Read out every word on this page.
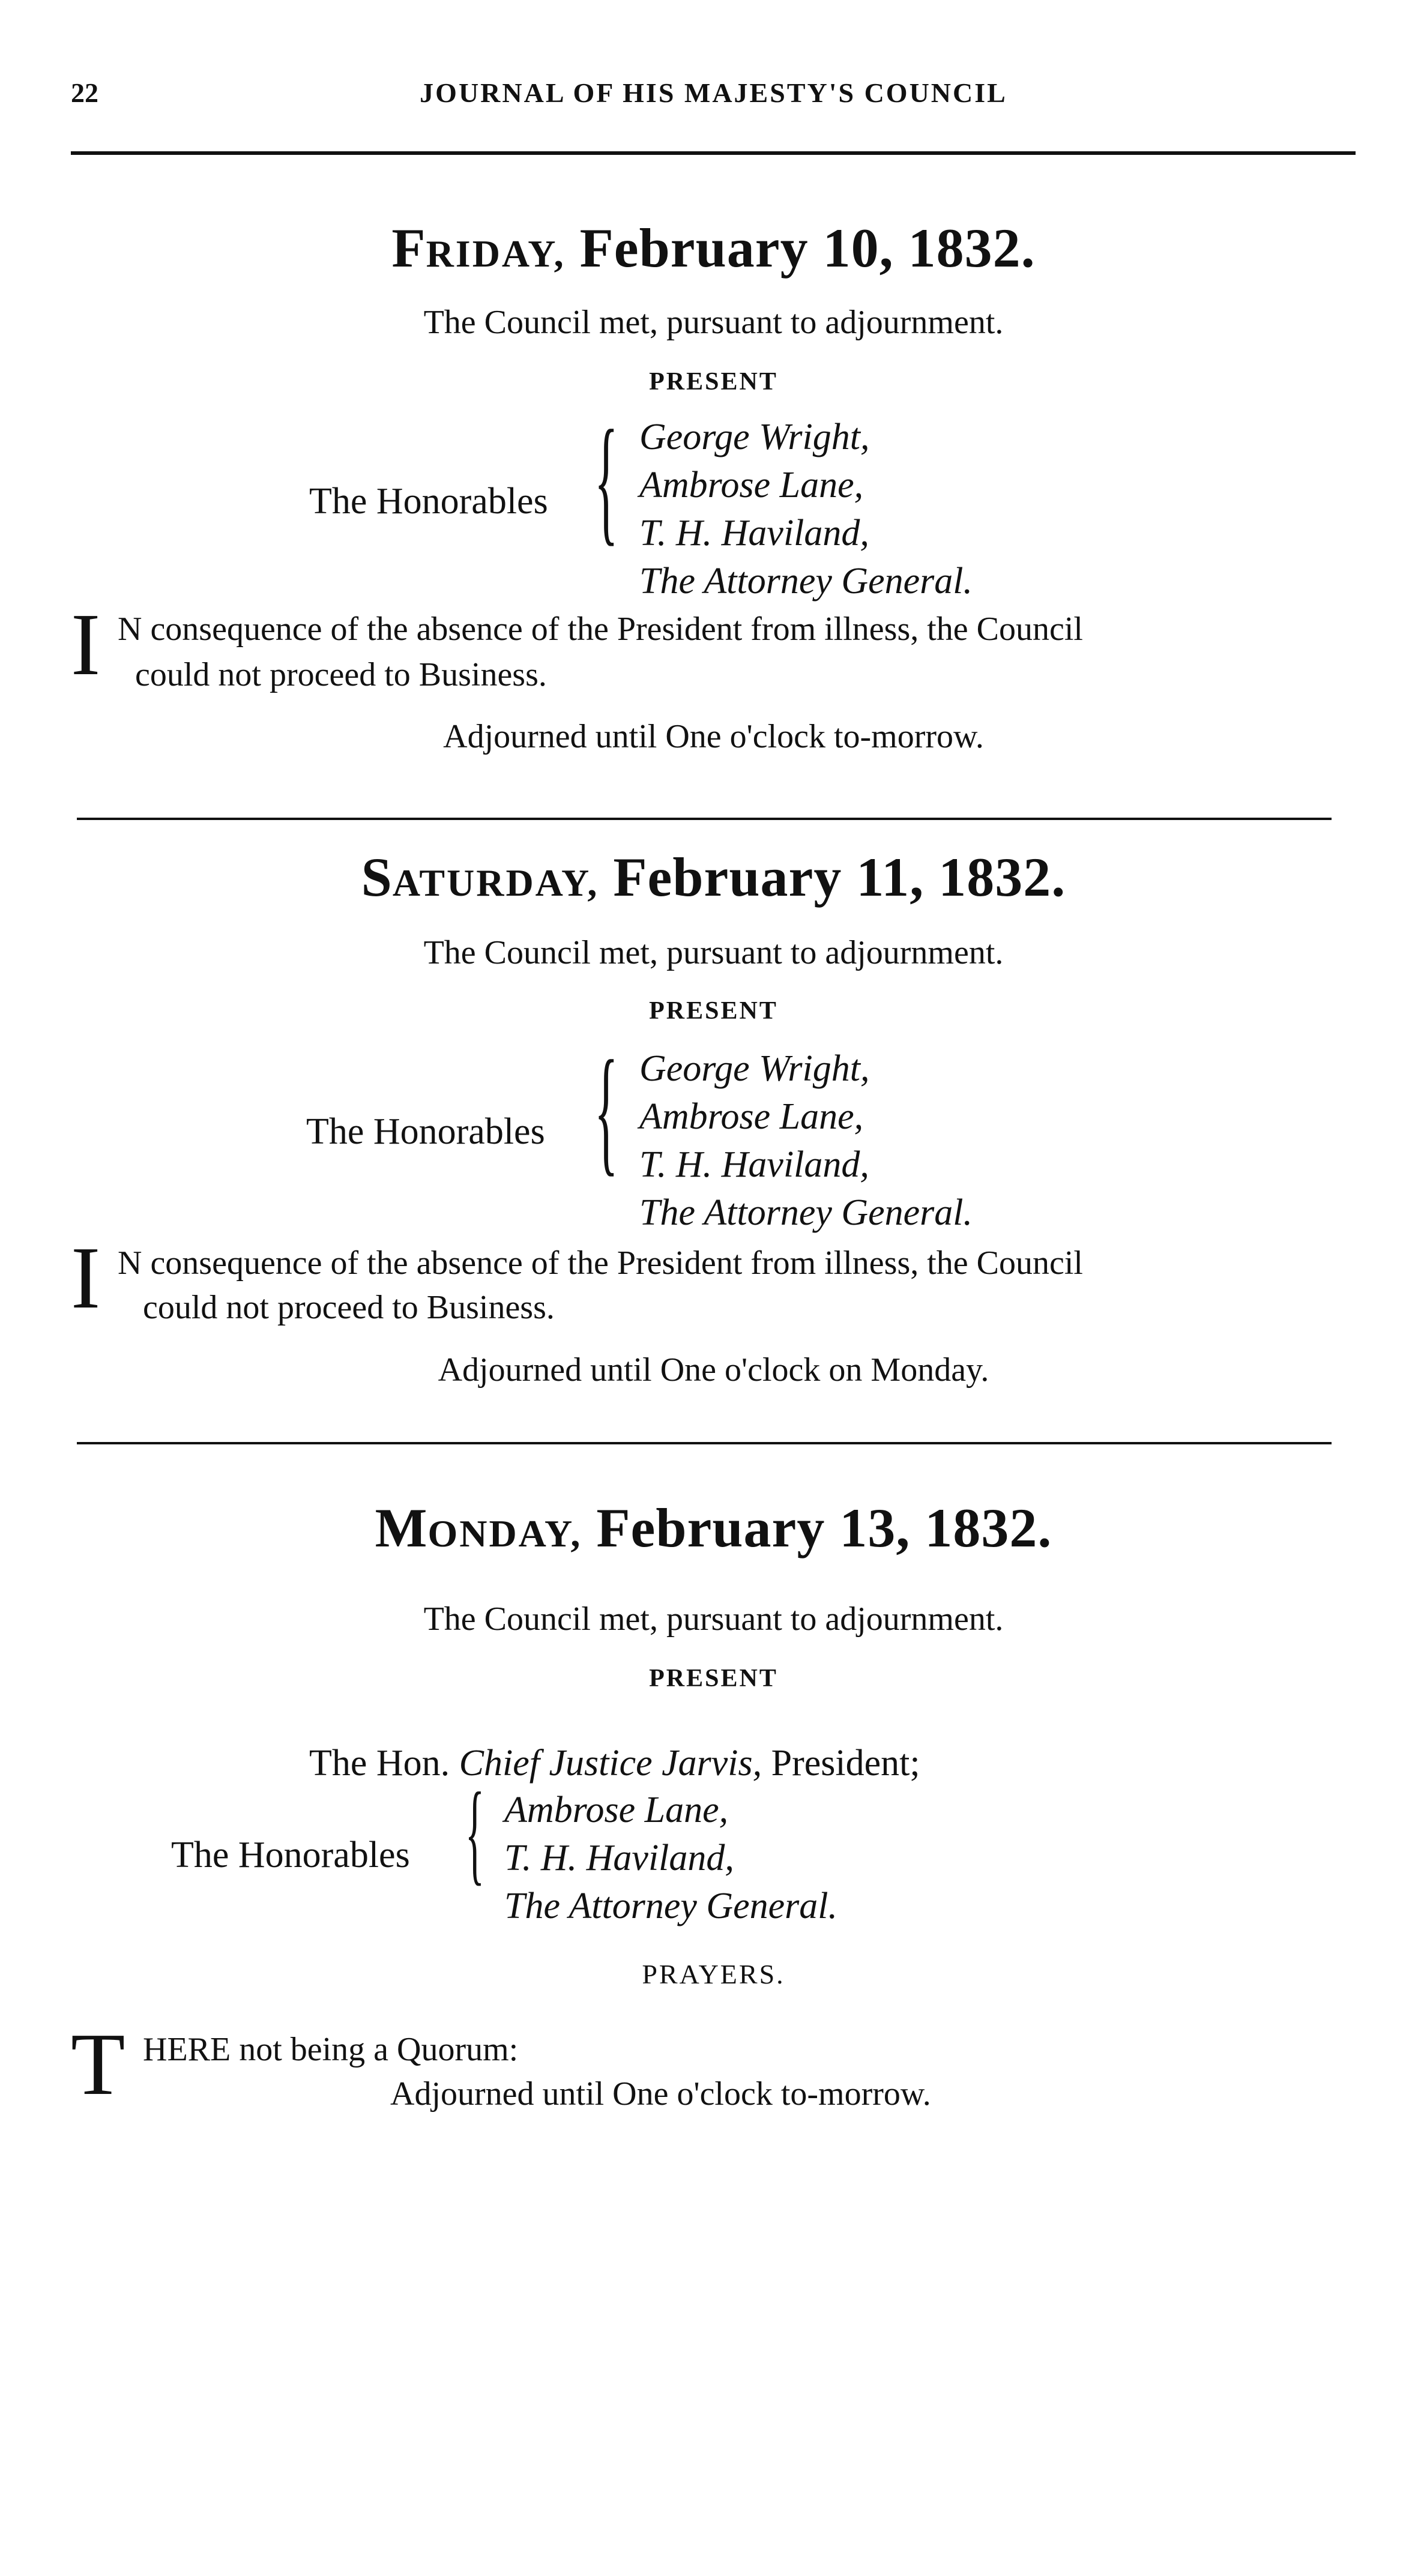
22	JOURNAL OF HIS MAJESTY'S COUNCIL
FRIDAY, February 10, 1832.
The Council met, pursuant to adjournment.
PRESENT
The Honorables { George Wright,
Ambrose Lane,
T. H. Haviland,
The Attorney General.
I N consequence of the absence of the President from illness, the Council
could not proceed to Business.
Adjourned until One o'clock to-morrow.
SATURDAY, February 11, 1832.
The Council met, pursuant to adjournment.
PRESENT
The Honorables { George Wright,
Ambrose Lane,
T. H. Haviland,
The Attorney General.
I N consequence of the absence of the President from illness, the Council
could not proceed to Business.
Adjourned until One o'clock on Monday.
MONDAY, February 13, 1832.
The Council met, pursuant to adjournment.
PRESENT
The Hon. Chief Justice Jarvis, President;
The Honorables { Ambrose Lane,
T. H. Haviland,
The Attorney General.
PRAYERS.
T HERE not being a Quorum:
Adjourned until One o'clock to-morrow.
